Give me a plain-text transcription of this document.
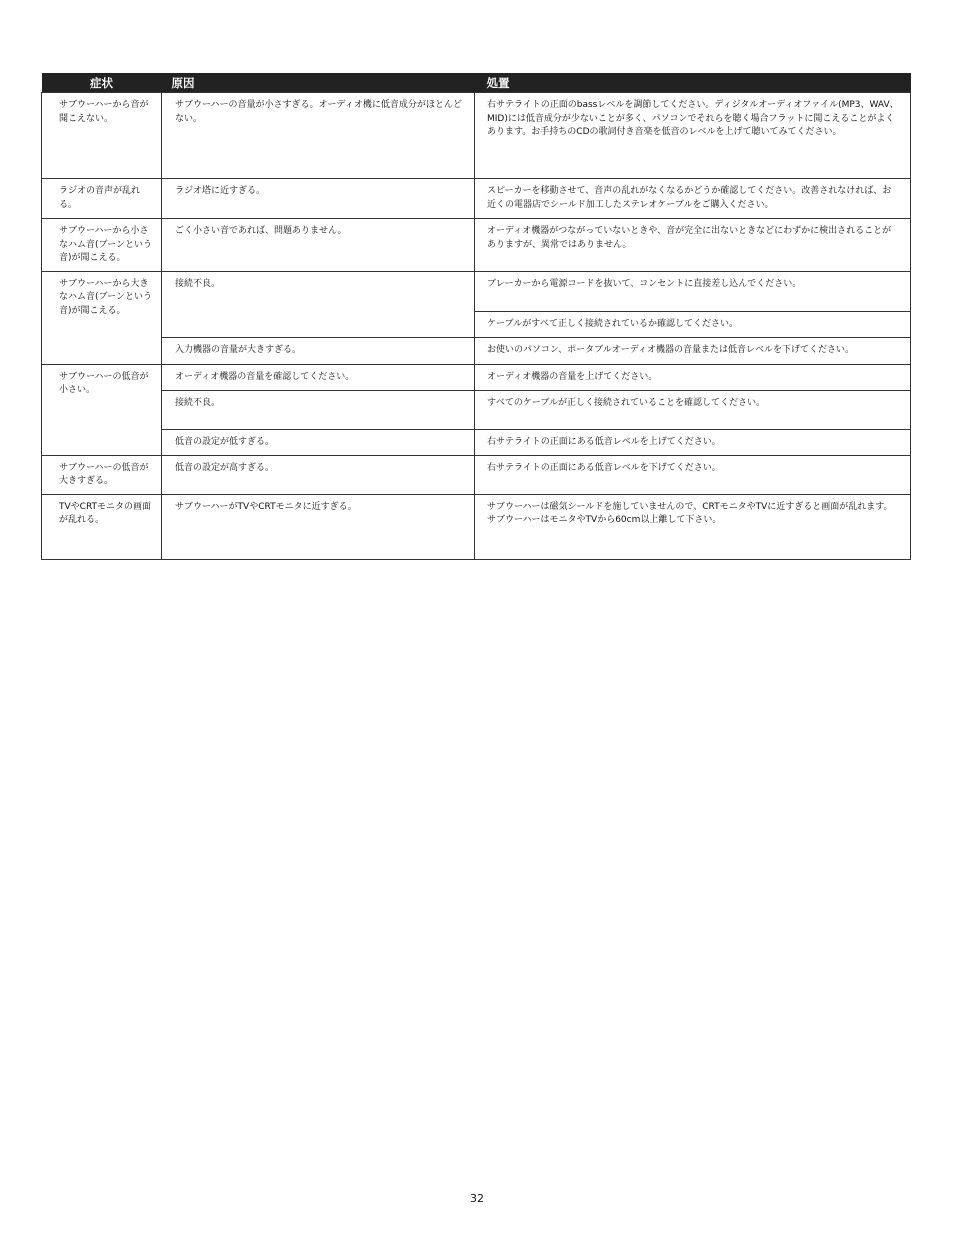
症状	原因	処置
サブウーハーから音が聞こえない。	サブウーハーの音量が小さすぎる。オーディオ機に低音成分がほとんどない。	右サテライトの正面のbassレベルを調節してください。ディジタルオーディオファイル(MP3、WAV、MID)には低音成分が少ないことが多く、パソコンでそれらを聴く場合フラットに聞こえることがよくあります。お手持ちのCDの歌詞付き音楽を低音のレベルを上げて聴いてみてください。
ラジオの音声が乱れる。	ラジオ塔に近すぎる。	スピーカーを移動させて、音声の乱れがなくなるかどうか確認してください。改善されなければ、お近くの電器店でシールド加工したステレオケーブルをご購入ください。
サブウーハーから小さなハム音(ブーンという音)が聞こえる。	ごく小さい音であれば、問題ありません。	オーディオ機器がつながっていないときや、音が完全に出ないときなどにわずかに検出されることがありますが、異常ではありません。
サブウーハーから大きなハム音(ブーンという音)が聞こえる。	接続不良。	ブレーカーから電源コードを抜いて、コンセントに直接差し込んでください。
		ケーブルがすべて正しく接続されているか確認してください。
	入力機器の音量が大きすぎる。	お使いのパソコン、ポータブルオーディオ機器の音量または低音レベルを下げてください。
サブウーハーの低音が小さい。	オーディオ機器の音量を確認してください。	オーディオ機器の音量を上げてください。
	接続不良。	すべてのケーブルが正しく接続されていることを確認してください。
	低音の設定が低すぎる。	右サテライトの正面にある低音レベルを上げてください。
サブウーハーの低音が大きすぎる。	低音の設定が高すぎる。	右サテライトの正面にある低音レベルを下げてください。
TVやCRTモニタの画面が乱れる。	サブウーハーがTVやCRTモニタに近すぎる。	サブウーハーは磁気シールドを施していませんので、CRTモニタやTVに近すぎると画面が乱れます。サブウーハーはモニタやTVから60cm以上離して下さい。
32
